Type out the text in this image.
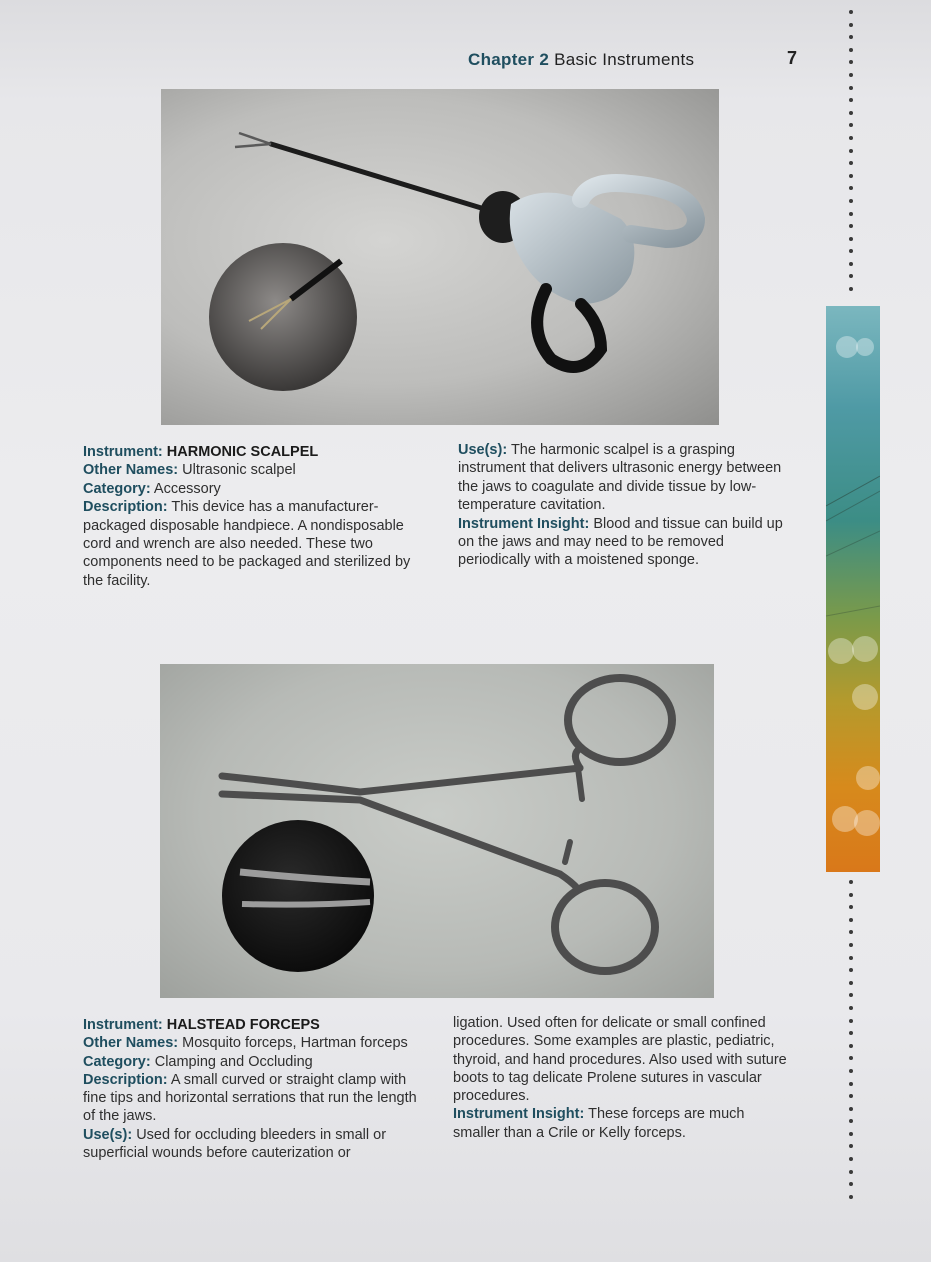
Chapter 2 Basic Instruments	7

Instrument: HARMONIC SCALPEL

Other Names: Ultrasonic scalpel

Category: Accessory

Description: This device has a manufacturer-packaged disposable handpiece. A nondisposable cord and wrench are also needed. These two components need to be packaged and sterilized by the facility.

Use(s): The harmonic scalpel is a grasping instrument that delivers ultrasonic energy between the jaws to coagulate and divide tissue by low-temperature cavitation.

Instrument Insight: Blood and tissue can build up on the jaws and may need to be removed periodically with a moistened sponge.

Instrument: HALSTEAD FORCEPS

Other Names: Mosquito forceps, Hartman forceps

Category: Clamping and Occluding

Description: A small curved or straight clamp with fine tips and horizontal serrations that run the length of the jaws.

Use(s): Used for occluding bleeders in small or superficial wounds before cauterization or

ligation. Used often for delicate or small confined procedures. Some examples are plastic, pediatric, thyroid, and hand procedures. Also used with suture boots to tag delicate Prolene sutures in vascular procedures.

Instrument Insight: These forceps are much smaller than a Crile or Kelly forceps.
